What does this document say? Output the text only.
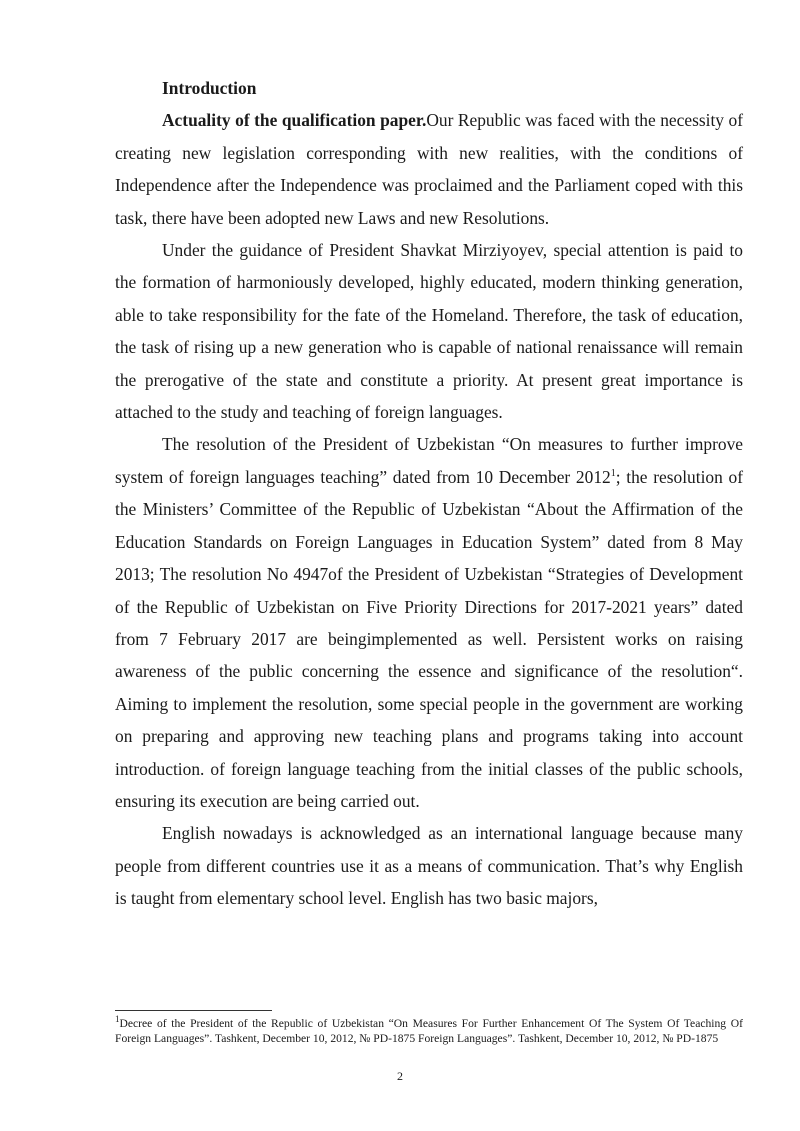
Introduction

Actuality of the qualification paper.Our Republic was faced with the necessity of creating new legislation corresponding with new realities, with the conditions of Independence after the Independence was proclaimed and the Parliament coped with this task, there have been adopted new Laws and new Resolutions.

Under the guidance of President Shavkat Mirziyoyev, special attention is paid to the formation of harmoniously developed, highly educated, modern thinking generation, able to take responsibility for the fate of the Homeland. Therefore, the task of education, the task of rising up a new generation who is capable of national renaissance will remain the prerogative of the state and constitute a priority. At present great importance is attached to the study and teaching of foreign languages.

The resolution of the President of Uzbekistan “On measures to further improve system of foreign languages teaching” dated from 10 December 2012$^1$; the resolution of the Ministers’ Committee of the Republic of Uzbekistan “About the Affirmation of the Education Standards on Foreign Languages in Education System” dated from 8 May 2013; The resolution No 4947of the President of Uzbekistan “Strategies of Development of the Republic of Uzbekistan on Five Priority Directions for 2017-2021 years” dated from 7 February 2017 are beingimplemented as well. Persistent works on raising awareness of the public concerning the essence and significance of the resolution“. Aiming to implement the resolution, some special people in the government are working on preparing and approving new teaching plans and programs taking into account introduction. of foreign language teaching from the initial classes of the public schools, ensuring its execution are being carried out.

English nowadays is acknowledged as an international language because many people from different countries use it as a means of communication. That’s why English is taught from elementary school level. English has two basic majors,

$^1$Decree of the President of the Republic of Uzbekistan “On Measures For Further Enhancement Of The System Of Teaching Of Foreign Languages”. Tashkent, December 10, 2012, № PD-1875 Foreign Languages”. Tashkent, December 10, 2012, № PD-1875
2
